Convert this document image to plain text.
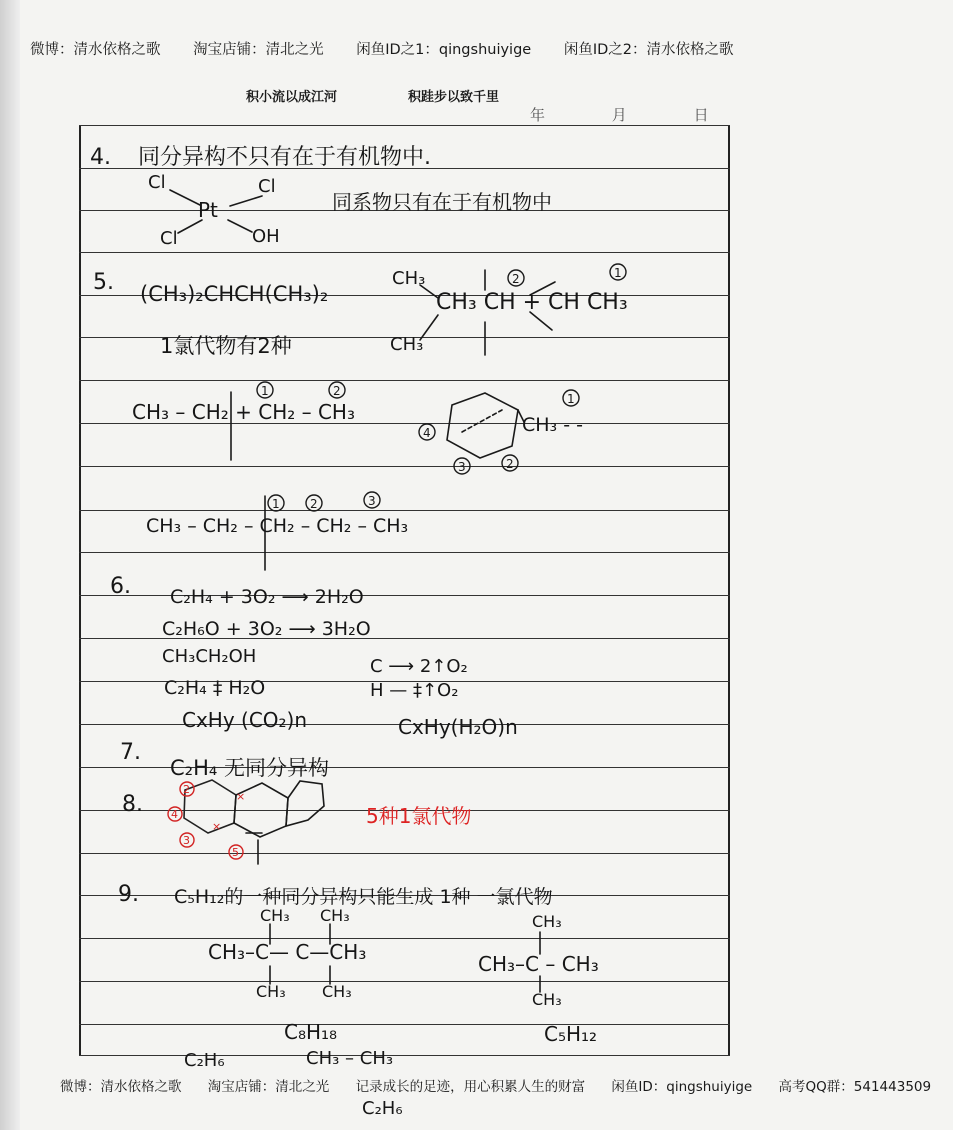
微博：清水依格之歌 淘宝店铺：清北之光 闲鱼ID之1：qingshuiyige 闲鱼ID之2：清水依格之歌
积小流以成江河	积跬步以致千里
年	月	日
4. 同分异构不只有在于有机物中.
Cl	Cl
Pt
Cl	OH
同系物只有在于有机物中
5. (CH₃)₂CHCH(CH₃)₂
1氯代物有2种
CH₃
CH₃
CH₃ CH + CH CH₃
CH₃ – CH₂ + CH₂ – CH₃
CH₃ - -
CH₃ – CH₂ – CH₂ – CH₂ – CH₃
6. C₂H₄ + 3O₂ ⟶ 2H₂O
C₂H₆O + 3O₂ ⟶ 3H₂O
CH₃CH₂OH
C₂H₄ ‡ H₂O
CxHy (CO₂)n
C ⟶ 2↑O₂
H — ‡↑O₂
CxHy(H₂O)n
7.
C₂H₄ 无同分异构
8.	5种1氯代物
9. C₅H₁₂的一种同分异构只能生成 1种 一氯代物
CH₃ CH₃
CH₃–C— C—CH₃
CH₃ CH₃
C₈H₁₈
CH₃
CH₃–C – CH₃
CH₃
C₅H₁₂
C₂H₆	CH₃ – CH₃
C₂H₆
2	1
1	2
1
4
3	2
1	2	3
2
4
3
5
×
×
微博：清水依格之歌 淘宝店铺：清北之光 记录成长的足迹，用心积累人生的财富 闲鱼ID：qingshuiyige 高考QQ群：541443509
